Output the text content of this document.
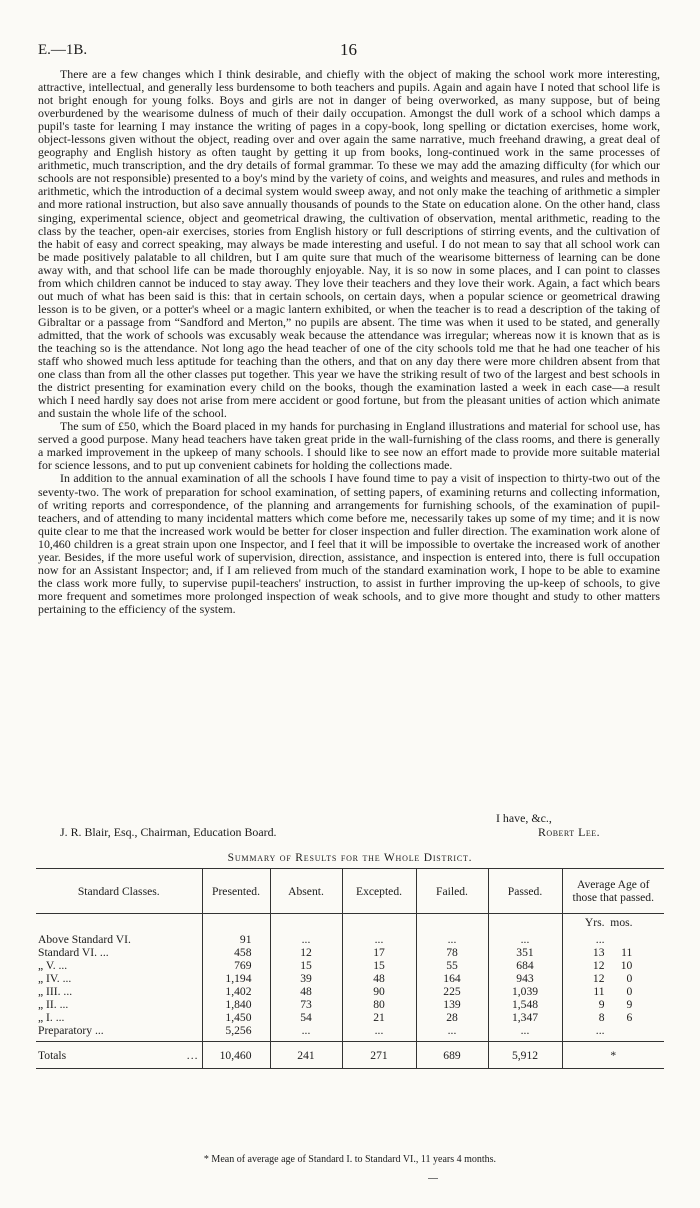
E.—1B.	16

There are a few changes which I think desirable, and chiefly with the object of making the school work more interesting, attractive, intellectual, and generally less burdensome to both teachers and pupils. Again and again have I noted that school life is not bright enough for young folks. Boys and girls are not in danger of being overworked, as many suppose, but of being overburdened by the wearisome dulness of much of their daily occupation. Amongst the dull work of a school which damps a pupil's taste for learning I may instance the writing of pages in a copy-book, long spelling or dictation exercises, home work, object-lessons given without the object, reading over and over again the same narrative, much freehand drawing, a great deal of geography and English history as often taught by getting it up from books, long-continued work in the same processes of arithmetic, much transcription, and the dry details of formal grammar. To these we may add the amazing difficulty (for which our schools are not responsible) presented to a boy's mind by the variety of coins, and weights and measures, and rules and methods in arithmetic, which the introduction of a decimal system would sweep away, and not only make the teaching of arithmetic a simpler and more rational instruction, but also save annually thousands of pounds to the State on education alone. On the other hand, class singing, experimental science, object and geometrical drawing, the cultivation of observation, mental arithmetic, reading to the class by the teacher, open-air exercises, stories from English history or full descriptions of stirring events, and the cultivation of the habit of easy and correct speaking, may always be made interesting and useful. I do not mean to say that all school work can be made positively palatable to all children, but I am quite sure that much of the wearisome bitterness of learning can be done away with, and that school life can be made thoroughly enjoyable. Nay, it is so now in some places, and I can point to classes from which children cannot be induced to stay away. They love their teachers and they love their work. Again, a fact which bears out much of what has been said is this: that in certain schools, on certain days, when a popular science or geometrical drawing lesson is to be given, or a potter's wheel or a magic lantern exhibited, or when the teacher is to read a description of the taking of Gibraltar or a passage from “Sandford and Merton,” no pupils are absent. The time was when it used to be stated, and generally admitted, that the work of schools was excusably weak because the attendance was irregular; whereas now it is known that as is the teaching so is the attendance. Not long ago the head teacher of one of the city schools told me that he had one teacher of his staff who showed much less aptitude for teaching than the others, and that on any day there were more children absent from that one class than from all the other classes put together. This year we have the striking result of two of the largest and best schools in the district presenting for examination every child on the books, though the examination lasted a week in each case—a result which I need hardly say does not arise from mere accident or good fortune, but from the pleasant unities of action which animate and sustain the whole life of the school.

The sum of £50, which the Board placed in my hands for purchasing in England illustrations and material for school use, has served a good purpose. Many head teachers have taken great pride in the wall-furnishing of the class rooms, and there is generally a marked improvement in the upkeep of many schools. I should like to see now an effort made to provide more suitable material for science lessons, and to put up convenient cabinets for holding the collections made.

In addition to the annual examination of all the schools I have found time to pay a visit of inspection to thirty-two out of the seventy-two. The work of preparation for school examination, of setting papers, of examining returns and collecting information, of writing reports and correspondence, of the planning and arrangements for furnishing schools, of the examination of pupil-teachers, and of attending to many incidental matters which come before me, necessarily takes up some of my time; and it is now quite clear to me that the increased work would be better for closer inspection and fuller direction. The examination work alone of 10,460 children is a great strain upon one Inspector, and I feel that it will be impossible to overtake the increased work of another year. Besides, if the more useful work of supervision, direction, assistance, and inspection is entered into, there is full occupation now for an Assistant Inspector; and, if I am relieved from much of the standard examination work, I hope to be able to examine the class work more fully, to supervise pupil-teachers' instruction, to assist in further improving the up-keep of schools, to give more frequent and sometimes more prolonged inspection of weak schools, and to give more thought and study to other matters pertaining to the efficiency of the system.

I have, &c.,
J. R. Blair, Esq., Chairman, Education Board.	Robert Lee.
Summary of Results for the Whole District.
Standard Classes.	Presented.	Absent.	Excepted.	Failed.	Passed.	Average Age of those that passed.
						Yrs. mos.

Above Standard VI.	91	...	...	...	...	...
Standard VI. ...	458	12	17	78	351	13 11
„ V. ...	769	15	15	55	684	12 10
„ IV. ...	1,194	39	48	164	943	12 0
„ III. ...	1,402	48	90	225	1,039	11 0
„ II. ...	1,840	73	80	139	1,548	9 9
„ I. ...	1,450	54	21	28	1,347	8 6
Preparatory ...	5,256	...	...	...	...	...

Totals ...	10,460	241	271	689	5,912	*
* Mean of average age of Standard I. to Standard VI., 11 years 4 months.
